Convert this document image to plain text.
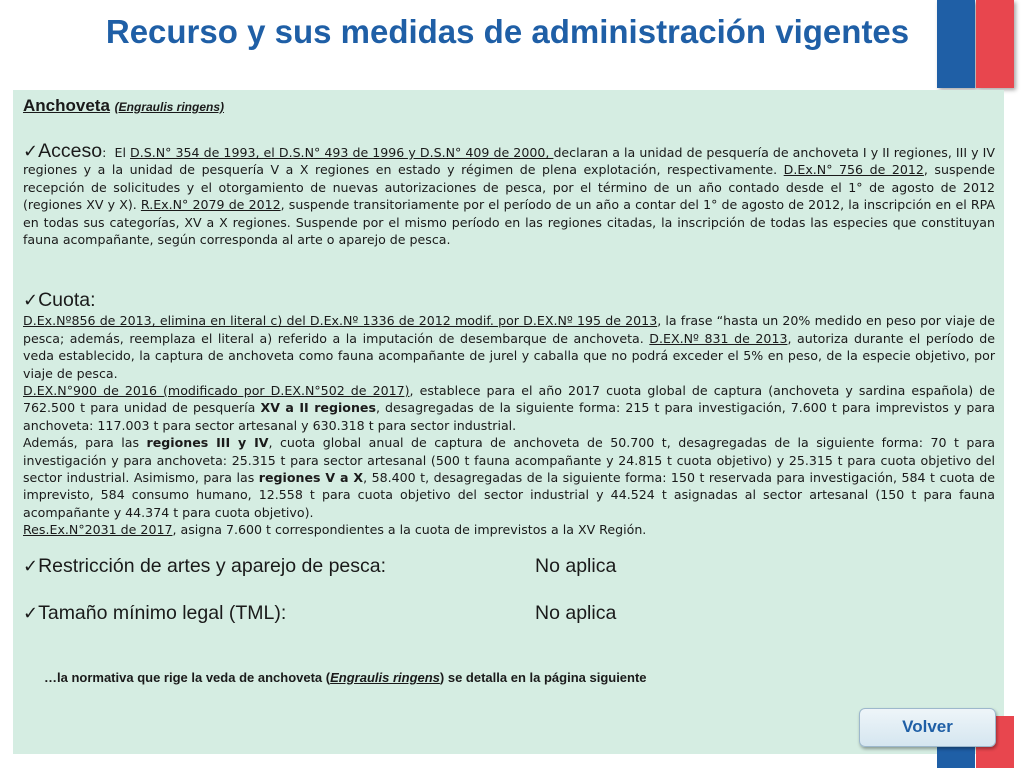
Recurso y sus medidas de administración vigentes
Anchoveta (Engraulis ringens)
✓Acceso: El D.S.N° 354 de 1993, el D.S.N° 493 de 1996 y D.S.N° 409 de 2000, declaran a la unidad de pesquería de anchoveta I y II regiones, III y IV regiones y a la unidad de pesquería V a X regiones en estado y régimen de plena explotación, respectivamente. D.Ex.N° 756 de 2012, suspende recepción de solicitudes y el otorgamiento de nuevas autorizaciones de pesca, por el término de un año contado desde el 1° de agosto de 2012 (regiones XV y X). R.Ex.N° 2079 de 2012, suspende transitoriamente por el período de un año a contar del 1° de agosto de 2012, la inscripción en el RPA en todas sus categorías, XV a X regiones. Suspende por el mismo período en las regiones citadas, la inscripción de todas las especies que constituyan fauna acompañante, según corresponda al arte o aparejo de pesca.
✓Cuota:
D.Ex.Nº856 de 2013, elimina en literal c) del D.Ex.Nº 1336 de 2012 modif. por D.EX.Nº 195 de 2013, la frase “hasta un 20% medido en peso por viaje de pesca; además, reemplaza el literal a) referido a la imputación de desembarque de anchoveta. D.EX.Nº 831 de 2013, autoriza durante el período de veda establecido, la captura de anchoveta como fauna acompañante de jurel y caballa que no podrá exceder el 5% en peso, de la especie objetivo, por viaje de pesca.
D.EX.N°900 de 2016 (modificado por D.EX.N°502 de 2017), establece para el año 2017 cuota global de captura (anchoveta y sardina española) de 762.500 t para unidad de pesquería XV a II regiones, desagregadas de la siguiente forma: 215 t para investigación, 7.600 t para imprevistos y para anchoveta: 117.003 t para sector artesanal y 630.318 t para sector industrial.
Además, para las regiones III y IV, cuota global anual de captura de anchoveta de 50.700 t, desagregadas de la siguiente forma: 70 t para investigación y para anchoveta: 25.315 t para sector artesanal (500 t fauna acompañante y 24.815 t cuota objetivo) y 25.315 t para cuota objetivo del sector industrial. Asimismo, para las regiones V a X, 58.400 t, desagregadas de la siguiente forma: 150 t reservada para investigación, 584 t cuota de imprevisto, 584 consumo humano, 12.558 t para cuota objetivo del sector industrial y 44.524 t asignadas al sector artesanal (150 t para fauna acompañante y 44.374 t para cuota objetivo).
Res.Ex.N°2031 de 2017, asigna 7.600 t correspondientes a la cuota de imprevistos a la XV Región.
✓Restricción de artes y aparejo de pesca:	No aplica
✓Tamaño mínimo legal (TML):	No aplica
…la normativa que rige la veda de anchoveta (Engraulis ringens) se detalla en la página siguiente
Volver
